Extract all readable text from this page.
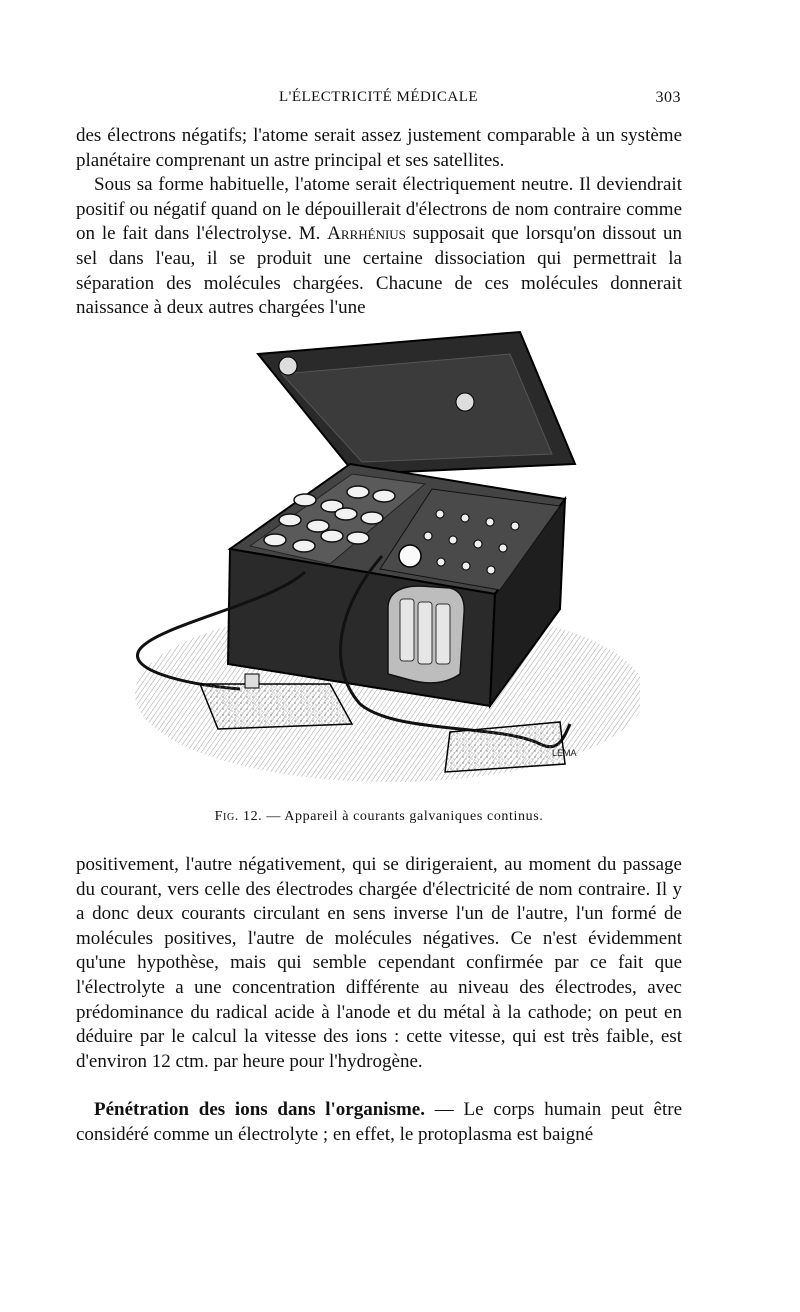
L'ÉLECTRICITÉ MÉDICALE	303

des électrons négatifs; l'atome serait assez justement comparable à un système planétaire comprenant un astre principal et ses satellites.

Sous sa forme habituelle, l'atome serait électriquement neutre. Il deviendrait positif ou négatif quand on le dépouillerait d'électrons de nom contraire comme on le fait dans l'électrolyse. M. Arrhénius supposait que lorsqu'on dissout un sel dans l'eau, il se produit une certaine dissociation qui permettrait la séparation des molécules chargées. Chacune de ces molécules donnerait naissance à deux autres chargées l'une

LEMA
Fig. 12. — Appareil à courants galvaniques continus.

positivement, l'autre négativement, qui se dirigeraient, au moment du passage du courant, vers celle des électrodes chargée d'électricité de nom contraire. Il y a donc deux courants circulant en sens inverse l'un de l'autre, l'un formé de molécules positives, l'autre de molécules négatives. Ce n'est évidemment qu'une hypothèse, mais qui semble cependant confirmée par ce fait que l'électrolyte a une concentration différente au niveau des électrodes, avec prédominance du radical acide à l'anode et du métal à la cathode; on peut en déduire par le calcul la vitesse des ions : cette vitesse, qui est très faible, est d'environ 12 ctm. par heure pour l'hydrogène.

Pénétration des ions dans l'organisme. — Le corps humain peut être considéré comme un électrolyte ; en effet, le protoplasma est baigné
